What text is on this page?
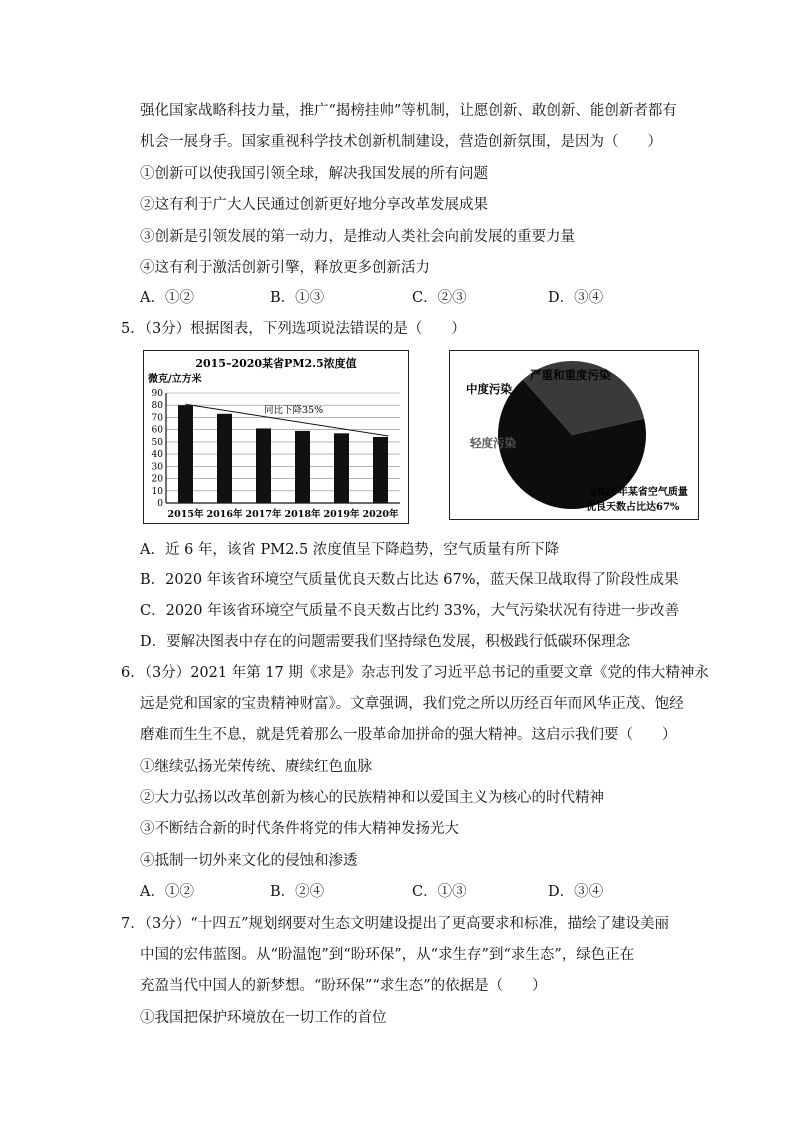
强化国家战略科技力量，推广“揭榜挂帅”等机制，让愿创新、敢创新、能创新者都有
机会一展身手。国家重视科学技术创新机制建设，营造创新氛围，是因为（　　）
①创新可以使我国引领全球，解决我国发展的所有问题
②这有利于广大人民通过创新更好地分享改革发展成果
③创新是引领发展的第一动力，是推动人类社会向前发展的重要力量
④这有利于激活创新引擎，释放更多创新活力
A．①②	B．①③	C．②③	D．③④
5．（3分）根据图表，下列选项说法错误的是（　　）
2015–2020某省PM2.5浓度值
微克/立方米
0
10
20
30
40
50
60
70
80
90
2015年 2016年 2017年 2018年 2019年 2020年
同比下降35%
严重和重度污染
中度污染
轻度污染
2020年某省空气质量
优良天数占比达67%
A．近 6 年，该省 PM2.5 浓度值呈下降趋势，空气质量有所下降
B．2020 年该省环境空气质量优良天数占比达 67%，蓝天保卫战取得了阶段性成果
C．2020 年该省环境空气质量不良天数占比约 33%，大气污染状况有待进一步改善
D．要解决图表中存在的问题需要我们坚持绿色发展，积极践行低碳环保理念
6．（3分）2021 年第 17 期《求是》杂志刊发了习近平总书记的重要文章《党的伟大精神永
远是党和国家的宝贵精神财富》。文章强调，我们党之所以历经百年而风华正茂、饱经
磨难而生生不息，就是凭着那么一股革命加拼命的强大精神。这启示我们要（　　）
①继续弘扬光荣传统、赓续红色血脉
②大力弘扬以改革创新为核心的民族精神和以爱国主义为核心的时代精神
③不断结合新的时代条件将党的伟大精神发扬光大
④抵制一切外来文化的侵蚀和渗透
A．①②	B．②④	C．①③	D．③④
7．（3分）“十四五”规划纲要对生态文明建设提出了更高要求和标准，描绘了建设美丽
中国的宏伟蓝图。从“盼温饱”到“盼环保”，从“求生存”到“求生态”，绿色正在
充盈当代中国人的新梦想。“盼环保”“求生态”的依据是（　　）
①我国把保护环境放在一切工作的首位
